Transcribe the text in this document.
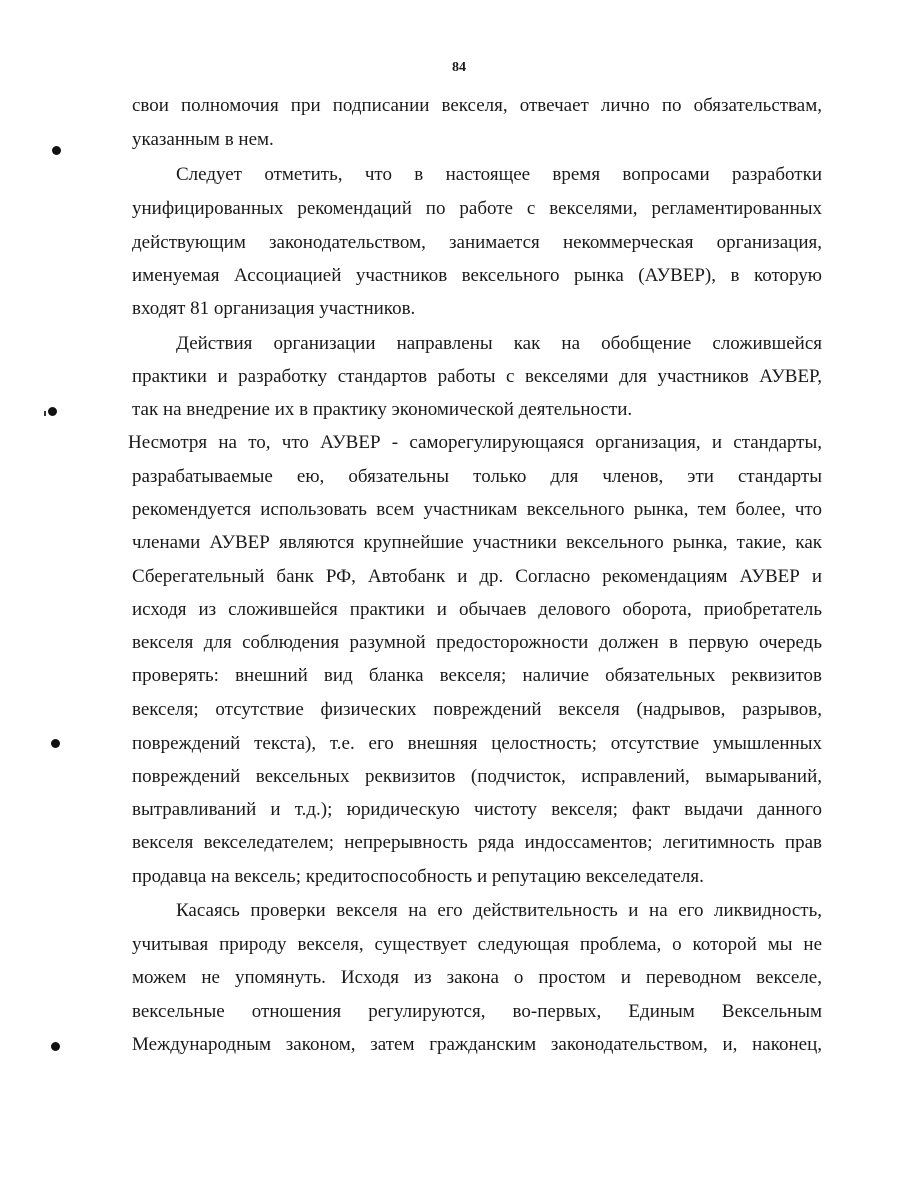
84
свои полномочия при подписании векселя, отвечает лично по обязательствам,
указанным в нем.
Следует отметить, что в настоящее время вопросами разработки
унифицированных рекомендаций по работе с векселями, регламентированных
действующим законодательством, занимается некоммерческая организация,
именуемая Ассоциацией участников вексельного рынка (АУВЕР), в которую
входят 81 организация участников.
Действия организации направлены как на обобщение сложившейся
практики и разработку стандартов работы с векселями для участников АУВЕР,
так на внедрение их в практику экономической деятельности.
Несмотря на то, что АУВЕР - саморегулирующаяся организация, и стандарты,
разрабатываемые ею, обязательны только для членов, эти стандарты
рекомендуется использовать всем участникам вексельного рынка, тем более, что
членами АУВЕР являются крупнейшие участники вексельного рынка, такие, как
Сберегательный банк РФ, Автобанк и др. Согласно рекомендациям АУВЕР и
исходя из сложившейся практики и обычаев делового оборота, приобретатель
векселя для соблюдения разумной предосторожности должен в первую очередь
проверять: внешний вид бланка векселя; наличие обязательных реквизитов
векселя; отсутствие физических повреждений векселя (надрывов, разрывов,
повреждений текста), т.е. его внешняя целостность; отсутствие умышленных
повреждений вексельных реквизитов (подчисток, исправлений, вымарываний,
вытравливаний и т.д.); юридическую чистоту векселя; факт выдачи данного
векселя векселедателем; непрерывность ряда индоссаментов; легитимность прав
продавца на вексель; кредитоспособность и репутацию векселедателя.
Касаясь проверки векселя на его действительность и на его ликвидность,
учитывая природу векселя, существует следующая проблема, о которой мы не
можем не упомянуть. Исходя из закона о простом и переводном векселе,
вексельные отношения регулируются, во-первых, Единым Вексельным
Международным законом, затем гражданским законодательством, и, наконец,
